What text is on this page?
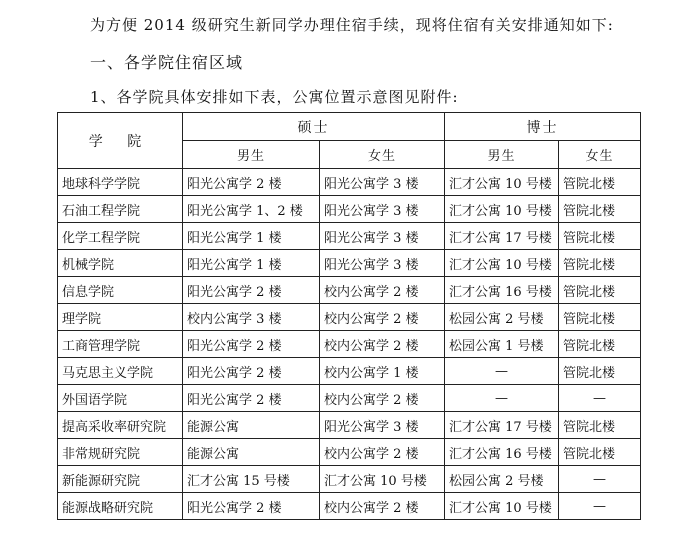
为方便 2014 级研究生新同学办理住宿手续，现将住宿有关安排通知如下:
一、各学院住宿区域
1、各学院具体安排如下表，公寓位置示意图见附件:
学 院	硕士		博士	
	男生	女生	男生	女生
地球科学学院	阳光公寓学 2 楼	阳光公寓学 3 楼	汇才公寓 10 号楼	管院北楼
石油工程学院	阳光公寓学 1、2 楼	阳光公寓学 3 楼	汇才公寓 10 号楼	管院北楼
化学工程学院	阳光公寓学 1 楼	阳光公寓学 3 楼	汇才公寓 17 号楼	管院北楼
机械学院	阳光公寓学 1 楼	阳光公寓学 3 楼	汇才公寓 10 号楼	管院北楼
信息学院	阳光公寓学 2 楼	校内公寓学 2 楼	汇才公寓 16 号楼	管院北楼
理学院	校内公寓学 3 楼	校内公寓学 2 楼	松园公寓 2 号楼	管院北楼
工商管理学院	阳光公寓学 2 楼	校内公寓学 2 楼	松园公寓 1 号楼	管院北楼
马克思主义学院	阳光公寓学 2 楼	校内公寓学 1 楼	—	管院北楼
外国语学院	阳光公寓学 2 楼	校内公寓学 2 楼	—	—
提高采收率研究院	能源公寓	阳光公寓学 3 楼	汇才公寓 17 号楼	管院北楼
非常规研究院	能源公寓	校内公寓学 2 楼	汇才公寓 16 号楼	管院北楼
新能源研究院	汇才公寓 15 号楼	汇才公寓 10 号楼	松园公寓 2 号楼	—
能源战略研究院	阳光公寓学 2 楼	校内公寓学 2 楼	汇才公寓 10 号楼	—
